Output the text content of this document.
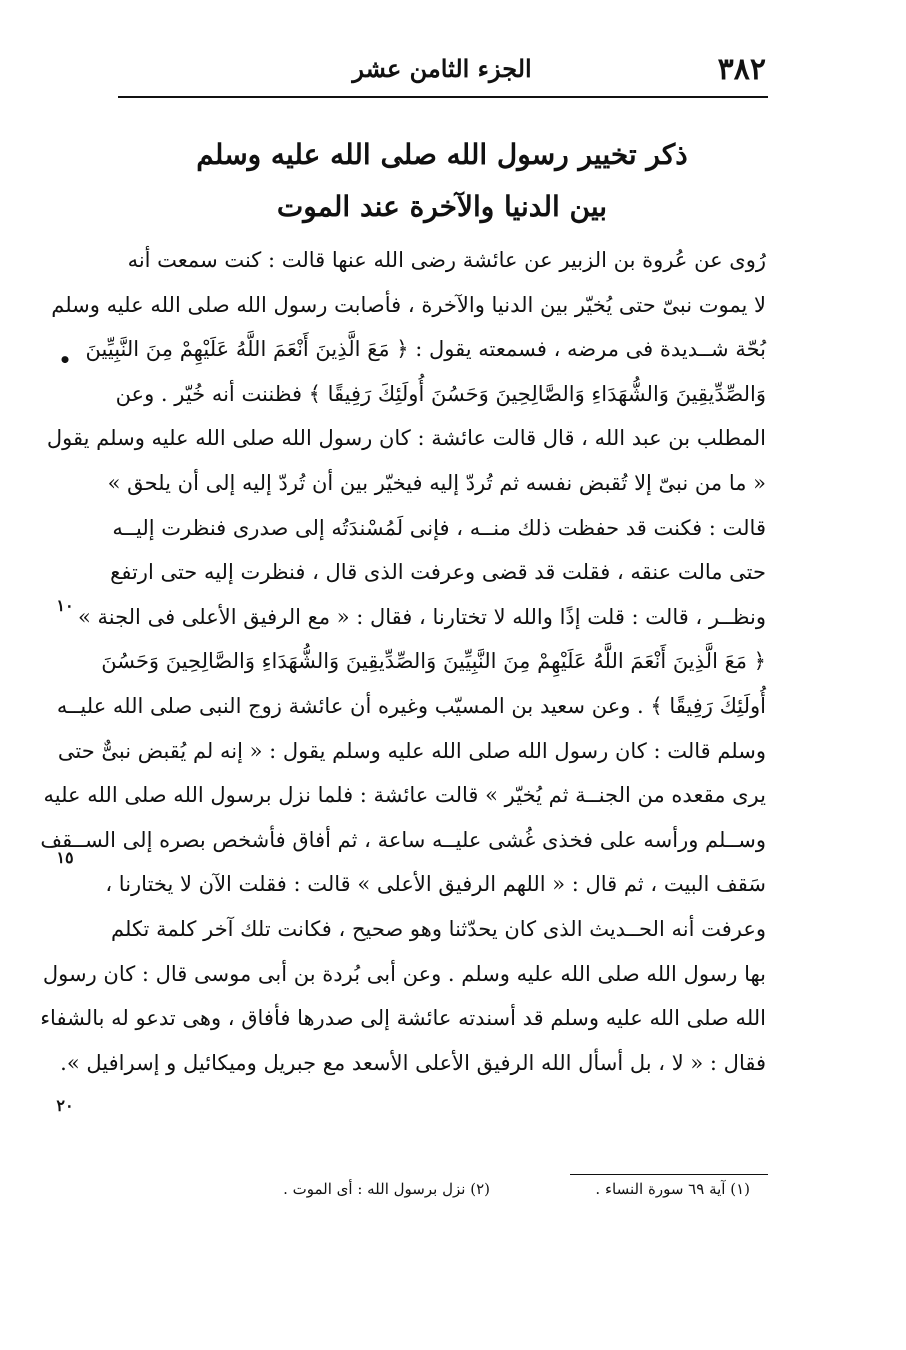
٣٨٢
الجزء الثامن عشر
ذكر تخيير رسول الله صلى الله عليه وسلم
بين الدنيا والآخرة عند الموت
رُوى عن عُروة بن الزبير عن عائشة رضى الله عنها قالت : كنت سمعت أنه
لا يموت نبىّ حتى يُخيّر بين الدنيا والآخرة ، فأصابت رسول الله صلى الله عليه وسلم
بُحّة شــديدة فى مرضه ، فسمعته يقول : ﴿ مَعَ الَّذِينَ أَنْعَمَ اللَّهُ عَلَيْهِمْ مِنَ النَّبِيِّينَ
وَالصِّدِّيقِينَ وَالشُّهَدَاءِ وَالصَّالِحِينَ وَحَسُنَ أُولَئِكَ رَفِيقًا ﴾ فظننت أنه خُيّر . وعن
المطلب بن عبد الله ، قال قالت عائشة : كان رسول الله صلى الله عليه وسلم يقول
« ما من نبىّ إلا تُقبض نفسه ثم تُردّ إليه فيخيّر بين أن تُردّ إليه إلى أن يلحق »
قالت : فكنت قد حفظت ذلك منــه ، فإنى لَمُسْندَتُه إلى صدرى فنظرت إليــه
حتى مالت عنقه ، فقلت قد قضى وعرفت الذى قال ، فنظرت إليه حتى ارتفع
ونظــر ، قالت : قلت إذًا والله لا تختارنا ، فقال : « مع الرفيق الأعلى فى الجنة »
﴿ مَعَ الَّذِينَ أَنْعَمَ اللَّهُ عَلَيْهِمْ مِنَ النَّبِيِّينَ وَالصِّدِّيقِينَ وَالشُّهَدَاءِ وَالصَّالِحِينَ وَحَسُنَ
أُولَئِكَ رَفِيقًا ﴾ . وعن سعيد بن المسيّب وغيره أن عائشة زوج النبى صلى الله عليــه
وسلم قالت : كان رسول الله صلى الله عليه وسلم يقول : « إنه لم يُقبض نبىٌّ حتى
يرى مقعده من الجنــة ثم يُخيّر » قالت عائشة : فلما نزل برسول الله صلى الله عليه
وســلم ورأسه على فخذى غُشى عليــه ساعة ، ثم أفاق فأشخص بصره إلى الســقف
سَقف البيت ، ثم قال : « اللهم الرفيق الأعلى » قالت : فقلت الآن لا يختارنا ،
وعرفت أنه الحــديث الذى كان يحدّثنا وهو صحيح ، فكانت تلك آخر كلمة تكلم
بها رسول الله صلى الله عليه وسلم . وعن أبى بُردة بن أبى موسى قال : كان رسول
الله صلى الله عليه وسلم قد أسندته عائشة إلى صدرها فأفاق ، وهى تدعو له بالشفاء
فقال : « لا ، بل أسأل الله الرفيق الأعلى الأسعد مع جبريل وميكائيل و إسرافيل ».
•
١٠
١٥
٢٠
(١) آية ٦٩ سورة النساء .
(٢) نزل برسول الله : أى الموت .
